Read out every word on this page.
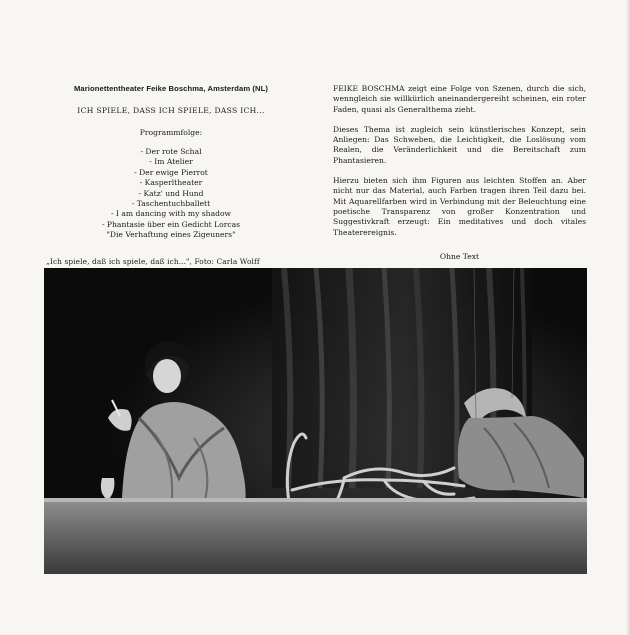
Marionettentheater Feike Boschma, Amsterdam (NL)

ICH SPIELE, DASS ICH SPIELE, DASS ICH...

Programmfolge:

- Der rote Schal
- Im Atelier
- Der ewige Pierrot
- Kasperltheater
- Katz' und Hund
- Taschentuchballett
- I am dancing with my shadow
- Phantasie über ein Gedicht Lorcas
"Die Verhaftung eines Zigeuners"
„Ich spiele, daß ich spiele, daß ich...", Foto: Carla Wolff

FEIKE BOSCHMA zeigt eine Folge von Szenen, durch die sich, wenngleich sie willkürlich aneinandergereiht scheinen, ein roter Faden, quasi als Generalthema zieht.

Dieses Thema ist zugleich sein künstlerisches Konzept, sein Anliegen: Das Schweben, die Leichtigkeit, die Loslösung vom Realen, die Veränderlichkeit und die Bereitschaft zum Phantasieren.

Hierzu bieten sich ihm Figuren aus leichten Stoffen an. Aber nicht nur das Material, auch Farben tragen ihren Teil dazu bei. Mit Aquarellfarben wird in Verbindung mit der Beleuchtung eine poetische Transparenz von großer Konzentration und Suggestivkraft erzeugt: Ein meditatives und doch vitales Theaterereignis.

Ohne Text
